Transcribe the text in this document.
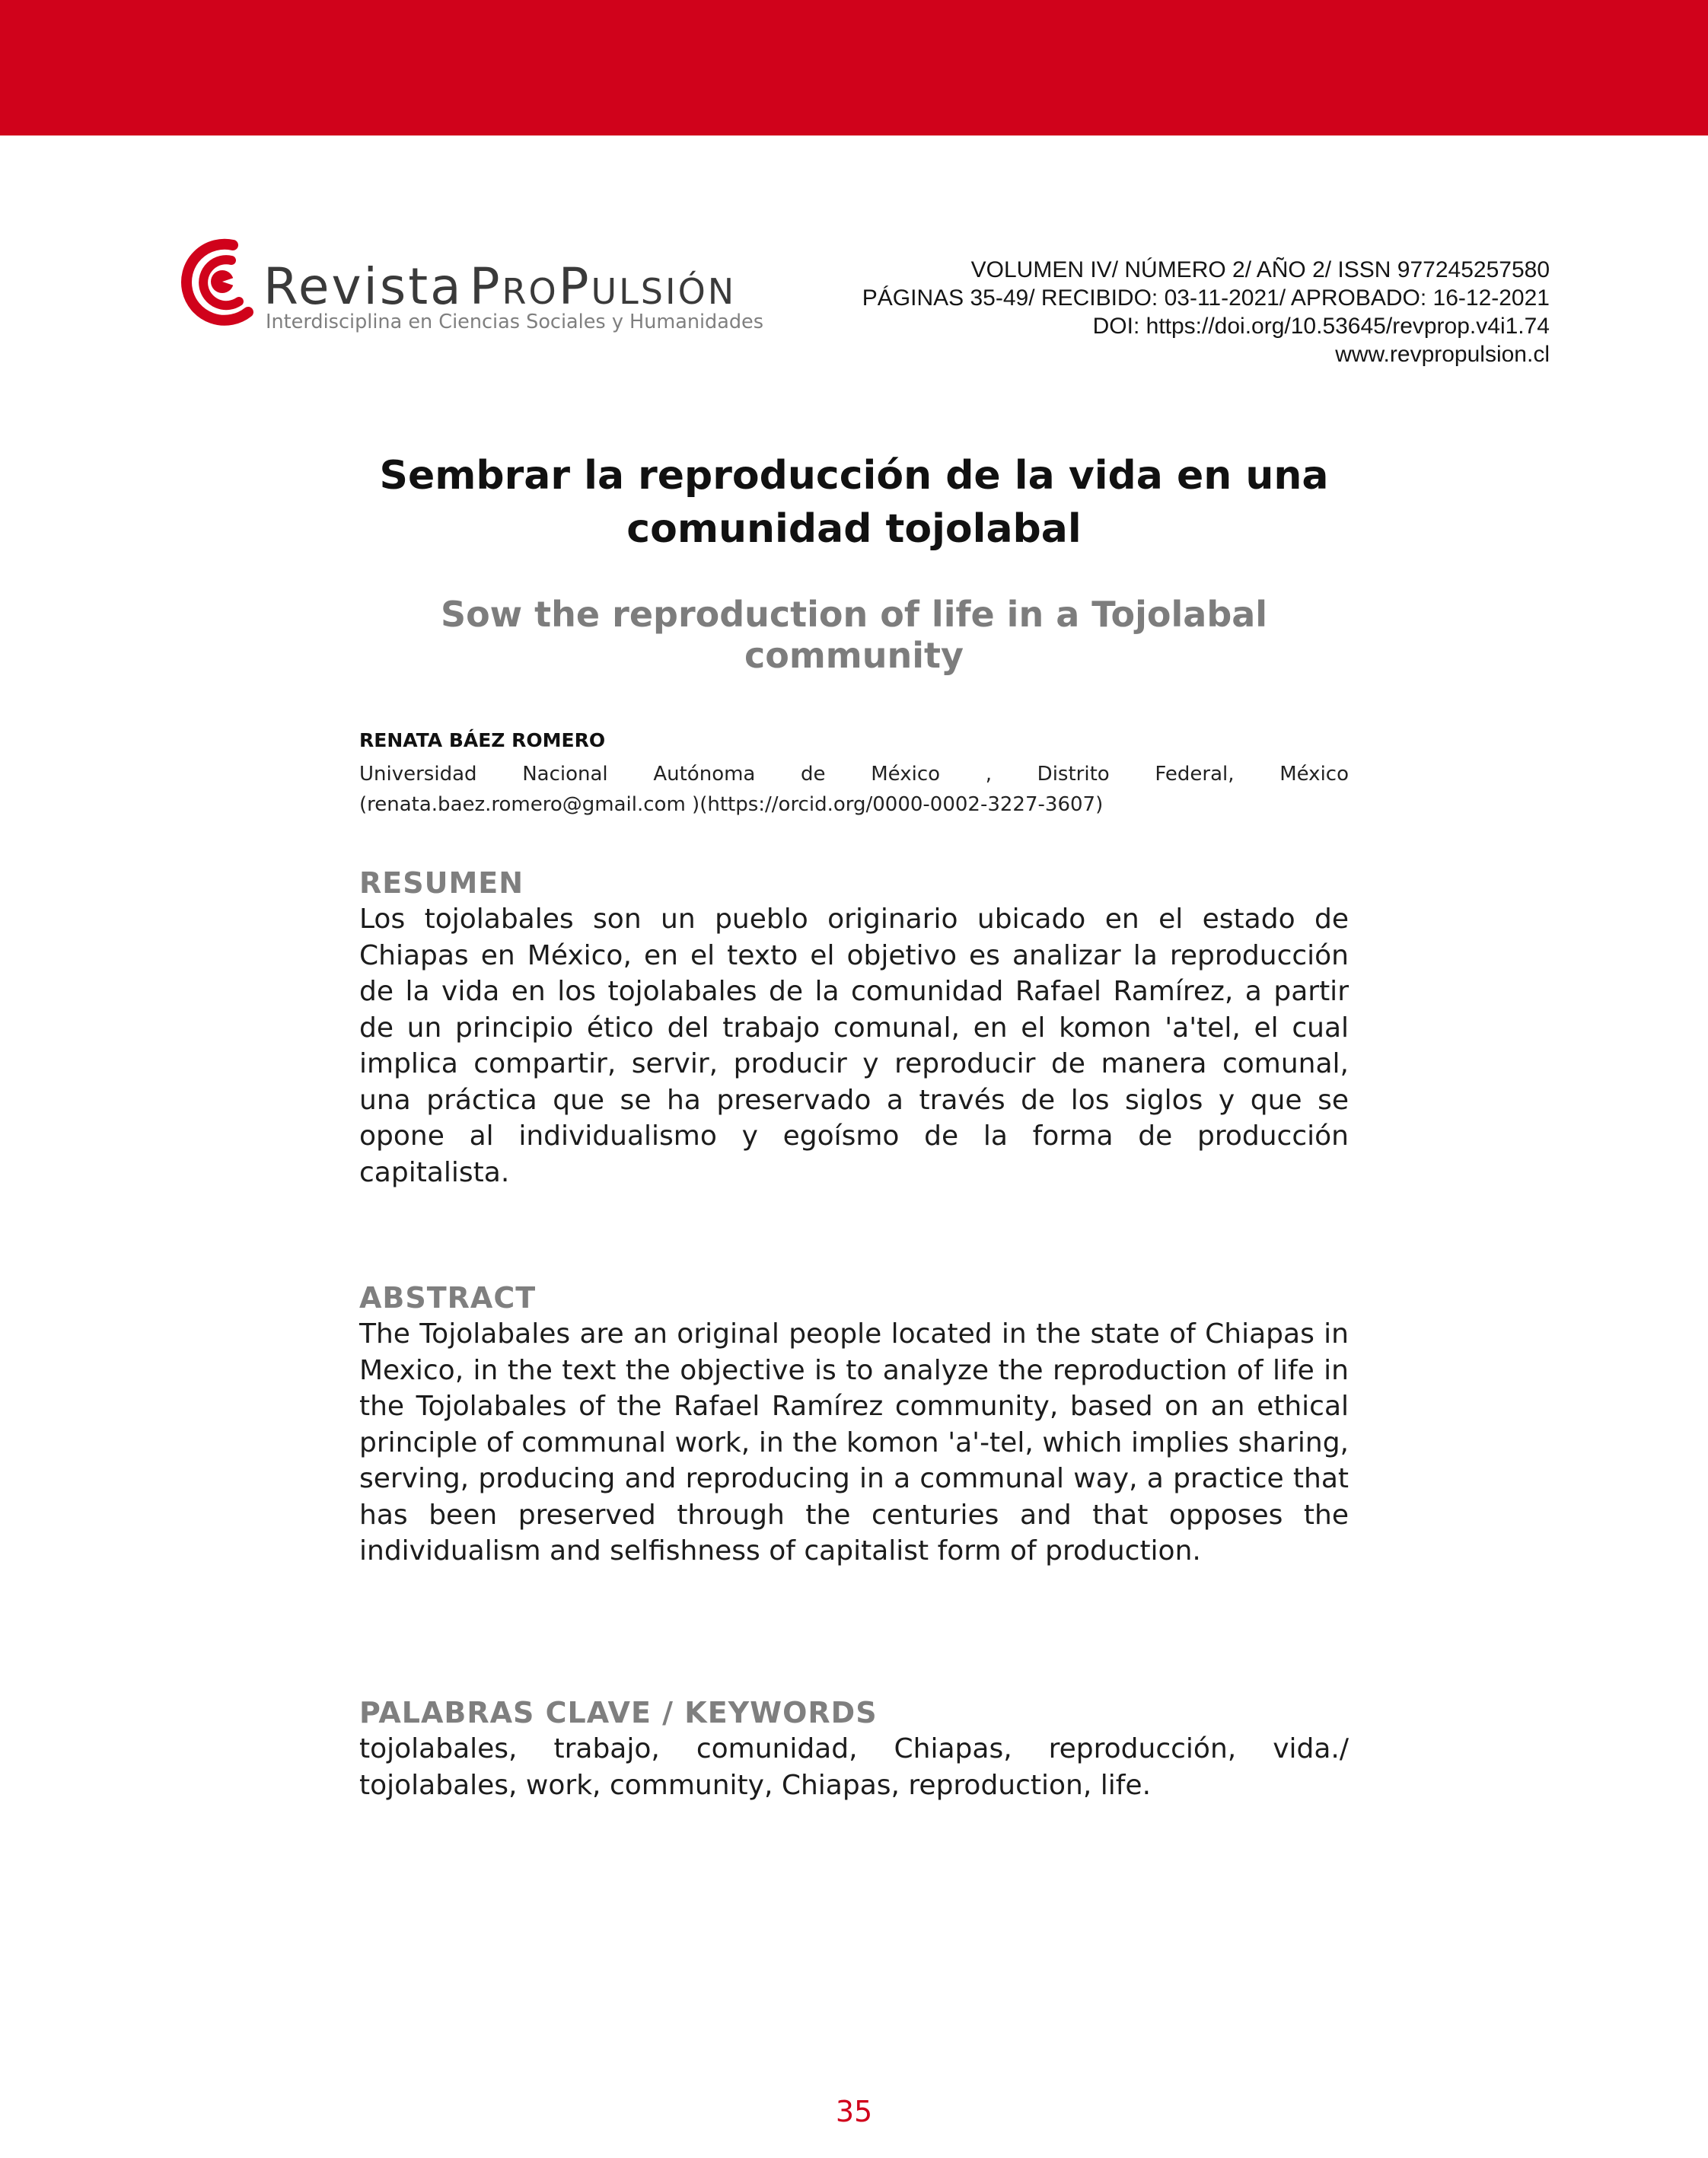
Revista PROPULSIÓN
Interdisciplina en Ciencias Sociales y Humanidades
VOLUMEN IV/ NÚMERO 2/ AÑO 2/ ISSN 977245257580
PÁGINAS 35-49/ RECIBIDO: 03-11-2021/ APROBADO: 16-12-2021
DOI: https://doi.org/10.53645/revprop.v4i1.74
www.revpropulsion.cl
Sembrar la reproducción de la vida en una comunidad tojolabal
Sow the reproduction of life in a Tojolabal community
RENATA BÁEZ ROMERO
Universidad Nacional Autónoma de México , Distrito Federal, México (renata.baez.romero@gmail.com )(https://orcid.org/0000-0002-3227-3607)
RESUMEN

Los tojolabales son un pueblo originario ubicado en el estado de Chiapas en México, en el texto el objetivo es analizar la reproducción de la vida en los tojolabales de la comunidad Rafael Ramírez, a partir de un principio ético del trabajo comunal, en el komon 'a'tel, el cual implica compartir, servir, producir y reproducir de manera comunal, una práctica que se ha preservado a través de los siglos y que se opone al individualismo y egoísmo de la forma de producción capitalista.

ABSTRACT

The Tojolabales are an original people located in the state of Chiapas in Mexico, in the text the objective is to analyze the reproduction of life in the Tojolabales of the Rafael Ramírez community, based on an ethical principle of communal work, in the komon 'a'-tel, which implies sharing, serving, producing and reproducing in a communal way, a practice that has been preserved through the centuries and that opposes the individualism and selfishness of capitalist form of production.

PALABRAS CLAVE / KEYWORDS

tojolabales, trabajo, comunidad, Chiapas, reproducción, vida./ tojolabales, work, community, Chiapas, reproduction, life.

35
